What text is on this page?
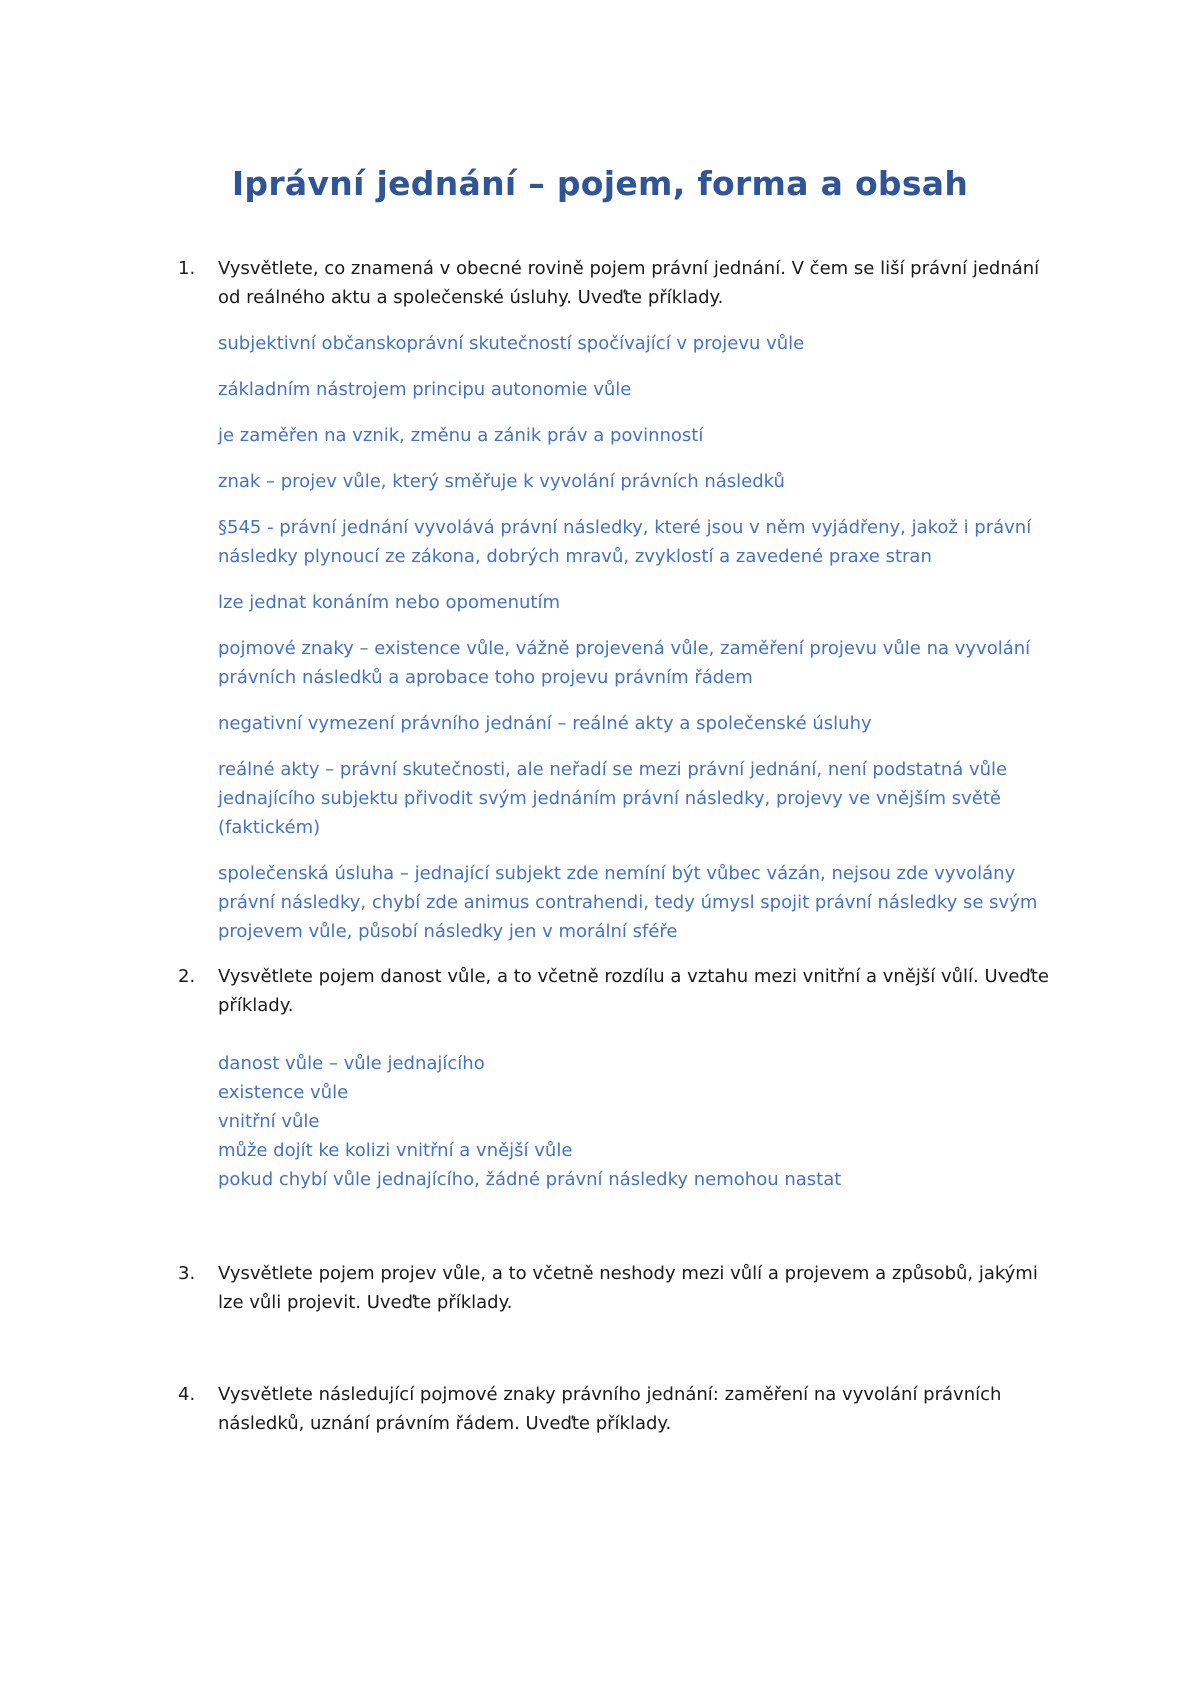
Iprávní jednání – pojem, forma a obsah
1. Vysvětlete, co znamená v obecné rovině pojem právní jednání. V čem se liší právní jednání od reálného aktu a společenské úsluhy. Uveďte příklady.
subjektivní občanskoprávní skutečností spočívající v projevu vůle
základním nástrojem principu autonomie vůle
je zaměřen na vznik, změnu a zánik práv a povinností
znak – projev vůle, který směřuje k vyvolání právních následků
§545 - právní jednání vyvolává právní následky, které jsou v něm vyjádřeny, jakož i právní následky plynoucí ze zákona, dobrých mravů, zvyklostí a zavedené praxe stran
lze jednat konáním nebo opomenutím
pojmové znaky – existence vůle, vážně projevená vůle, zaměření projevu vůle na vyvolání právních následků a aprobace toho projevu právním řádem
negativní vymezení právního jednání – reálné akty a společenské úsluhy
reálné akty – právní skutečnosti, ale neřadí se mezi právní jednání, není podstatná vůle jednajícího subjektu přivodit svým jednáním právní následky, projevy ve vnějším světě (faktickém)
společenská úsluha – jednající subjekt zde nemíní být vůbec vázán, nejsou zde vyvolány právní následky, chybí zde animus contrahendi, tedy úmysl spojit právní následky se svým projevem vůle, působí následky jen v morální sféře
2. Vysvětlete pojem danost vůle, a to včetně rozdílu a vztahu mezi vnitřní a vnější vůlí. Uveďte příklady.
danost vůle – vůle jednajícího
existence vůle
vnitřní vůle
může dojít ke kolizi vnitřní a vnější vůle
pokud chybí vůle jednajícího, žádné právní následky nemohou nastat
3. Vysvětlete pojem projev vůle, a to včetně neshody mezi vůlí a projevem a způsobů, jakými lze vůli projevit. Uveďte příklady.
4. Vysvětlete následující pojmové znaky právního jednání: zaměření na vyvolání právních následků, uznání právním řádem. Uveďte příklady.
